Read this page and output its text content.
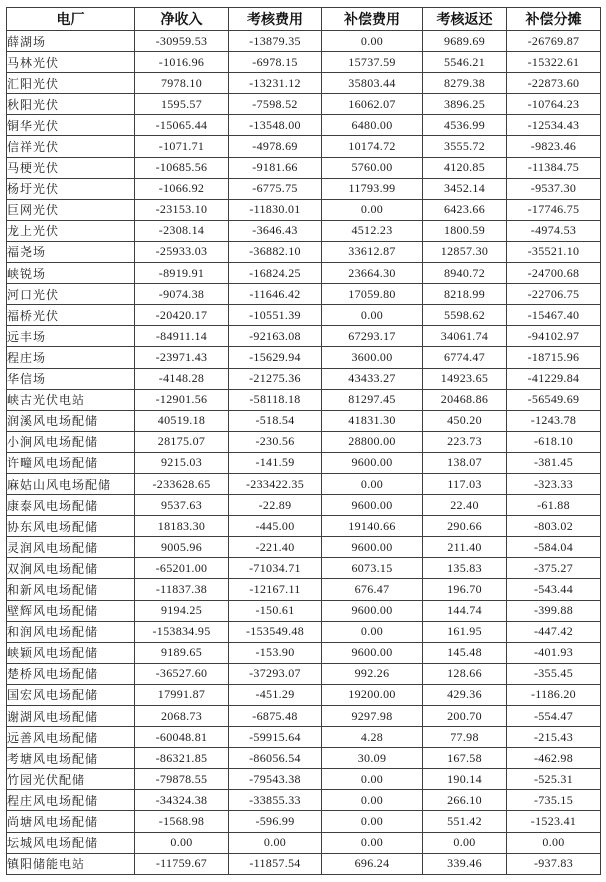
电厂	净收入	考核费用	补偿费用	考核返还	补偿分摊
薛湖场	-30959.53	-13879.35	0.00	9689.69	-26769.87
马林光伏	-1016.96	-6978.15	15737.59	5546.21	-15322.61
汇阳光伏	7978.10	-13231.12	35803.44	8279.38	-22873.60
秋阳光伏	1595.57	-7598.52	16062.07	3896.25	-10764.23
铜华光伏	-15065.44	-13548.00	6480.00	4536.99	-12534.43
信祥光伏	-1071.71	-4978.69	10174.72	3555.72	-9823.46
马梗光伏	-10685.56	-9181.66	5760.00	4120.85	-11384.75
杨圩光伏	-1066.92	-6775.75	11793.99	3452.14	-9537.30
巨网光伏	-23153.10	-11830.01	0.00	6423.66	-17746.75
龙上光伏	-2308.14	-3646.43	4512.23	1800.59	-4974.53
福尧场	-25933.03	-36882.10	33612.87	12857.30	-35521.10
峡锐场	-8919.91	-16824.25	23664.30	8940.72	-24700.68
河口光伏	-9074.38	-11646.42	17059.80	8218.99	-22706.75
福桥光伏	-20420.17	-10551.39	0.00	5598.62	-15467.40
远丰场	-84911.14	-92163.08	67293.17	34061.74	-94102.97
程庄场	-23971.43	-15629.94	3600.00	6774.47	-18715.96
华信场	-4148.28	-21275.36	43433.27	14923.65	-41229.84
峡古光伏电站	-12901.56	-58118.18	81297.45	20468.86	-56549.69
润溪风电场配储	40519.18	-518.54	41831.30	450.20	-1243.78
小涧风电场配储	28175.07	-230.56	28800.00	223.73	-618.10
许疃风电场配储	9215.03	-141.59	9600.00	138.07	-381.45
麻姑山风电场配储	-233628.65	-233422.35	0.00	117.03	-323.33
康泰风电场配储	9537.63	-22.89	9600.00	22.40	-61.88
协东风电场配储	18183.30	-445.00	19140.66	290.66	-803.02
灵润风电场配储	9005.96	-221.40	9600.00	211.40	-584.04
双涧风电场配储	-65201.00	-71034.71	6073.15	135.83	-375.27
和新风电场配储	-11837.38	-12167.11	676.47	196.70	-543.44
壁辉风电场配储	9194.25	-150.61	9600.00	144.74	-399.88
和润风电场配储	-153834.95	-153549.48	0.00	161.95	-447.42
峡颖风电场配储	9189.65	-153.90	9600.00	145.48	-401.93
楚桥风电场配储	-36527.60	-37293.07	992.26	128.66	-355.45
国宏风电场配储	17991.87	-451.29	19200.00	429.36	-1186.20
谢湖风电场配储	2068.73	-6875.48	9297.98	200.70	-554.47
远善风电场配储	-60048.81	-59915.64	4.28	77.98	-215.43
考塘风电场配储	-86321.85	-86056.54	30.09	167.58	-462.98
竹园光伏配储	-79878.55	-79543.38	0.00	190.14	-525.31
程庄风电场配储	-34324.38	-33855.33	0.00	266.10	-735.15
尚塘风电场配储	-1568.98	-596.99	0.00	551.42	-1523.41
坛城风电场配储	0.00	0.00	0.00	0.00	0.00
镇阳储能电站	-11759.67	-11857.54	696.24	339.46	-937.83
